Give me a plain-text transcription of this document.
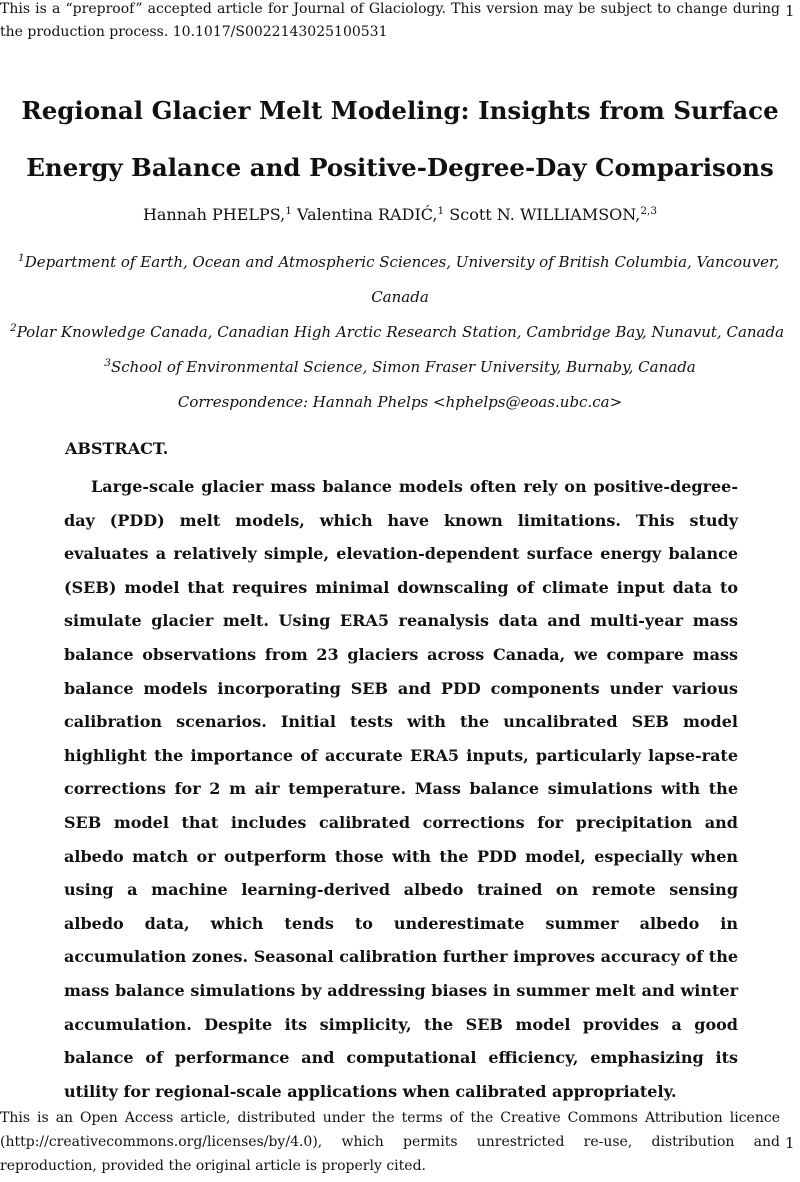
This is a “preproof” accepted article for Journal of Glaciology. This version may be subject to change during the production process. 10.1017/S0022143025100531

1
Regional Glacier Melt Modeling: Insights from Surface
Energy Balance and Positive-Degree-Day Comparisons
Hannah PHELPS,$^1$ Valentina RADIĆ,$^1$ Scott N. WILLIAMSON,$^{2,3}$
$^1$Department of Earth, Ocean and Atmospheric Sciences, University of British Columbia, Vancouver,
Canada
$^2$Polar Knowledge Canada, Canadian High Arctic Research Station, Cambridge Bay, Nunavut, Canada
$^3$School of Environmental Science, Simon Fraser University, Burnaby, Canada
Correspondence: Hannah Phelps <hphelps@eoas.ubc.ca>
ABSTRACT.

Large-scale glacier mass balance models often rely on positive-degree-day (PDD) melt models, which have known limitations. This study evaluates a relatively simple, elevation-dependent surface energy balance (SEB) model that requires minimal downscaling of climate input data to simulate glacier melt. Using ERA5 reanalysis data and multi-year mass balance observations from 23 glaciers across Canada, we compare mass balance models incorporating SEB and PDD components under various calibration scenarios. Initial tests with the uncalibrated SEB model highlight the importance of accurate ERA5 inputs, particularly lapse-rate corrections for 2 m air temperature. Mass balance simulations with the SEB model that includes calibrated corrections for precipitation and albedo match or outperform those with the PDD model, especially when using a machine learning-derived albedo trained on remote sensing albedo data, which tends to underestimate summer albedo in accumulation zones. Seasonal calibration further improves accuracy of the mass balance simulations by addressing biases in summer melt and winter accumulation. Despite its simplicity, the SEB model provides a good balance of performance and computational efficiency, emphasizing its utility for regional-scale applications when calibrated appropriately.

This is an Open Access article, distributed under the terms of the Creative Commons Attribution licence (http://creativecommons.org/licenses/by/4.0), which permits unrestricted re-use, distribution and reproduction, provided the original article is properly cited.

1
